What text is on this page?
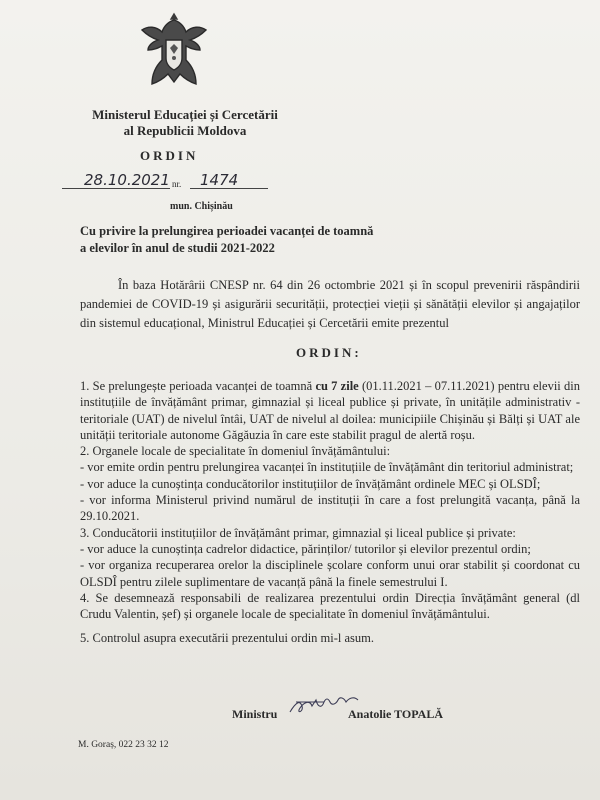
Ministerul Educației și Cercetării
al Republicii Moldova
ORDIN
28.10.2021 nr. 1474
mun. Chișinău
Cu privire la prelungirea perioadei vacanței de toamnă
a elevilor în anul de studii 2021-2022

În baza Hotărârii CNESP nr. 64 din 26 octombrie 2021 și în scopul prevenirii răspândirii pandemiei de COVID-19 și asigurării securității, protecției vieții și sănătății elevilor și angajaților din sistemul educațional, Ministrul Educației și Cercetării emite prezentul

ORDIN:

1. Se prelungește perioada vacanței de toamnă cu 7 zile (01.11.2021 – 07.11.2021) pentru elevii din instituțiile de învățământ primar, gimnazial și liceal publice și private, în unitățile administrativ - teritoriale (UAT) de nivelul întâi, UAT de nivelul al doilea: municipiile Chișinău și Bălți și UAT ale unității teritoriale autonome Găgăuzia în care este stabilit pragul de alertă roșu.

2. Organele locale de specialitate în domeniul învățământului:

- vor emite ordin pentru prelungirea vacanței în instituțiile de învățământ din teritoriul administrat;

- vor aduce la cunoștința conducătorilor instituțiilor de învățământ ordinele MEC și OLSDÎ;

- vor informa Ministerul privind numărul de instituții în care a fost prelungită vacanța, până la 29.10.2021.

3. Conducătorii instituțiilor de învățământ primar, gimnazial și liceal publice și private:

- vor aduce la cunoștința cadrelor didactice, părinților/ tutorilor și elevilor prezentul ordin;

- vor organiza recuperarea orelor la disciplinele școlare conform unui orar stabilit și coordonat cu OLSDÎ pentru zilele suplimentare de vacanță până la finele semestrului I.

4. Se desemnează responsabili de realizarea prezentului ordin Direcția învățământ general (dl Crudu Valentin, șef) și organele locale de specialitate în domeniul învățământului.

5. Controlul asupra executării prezentului ordin mi-l asum.

Ministru	Anatolie TOPALĂ
M. Goraș, 022 23 32 12
